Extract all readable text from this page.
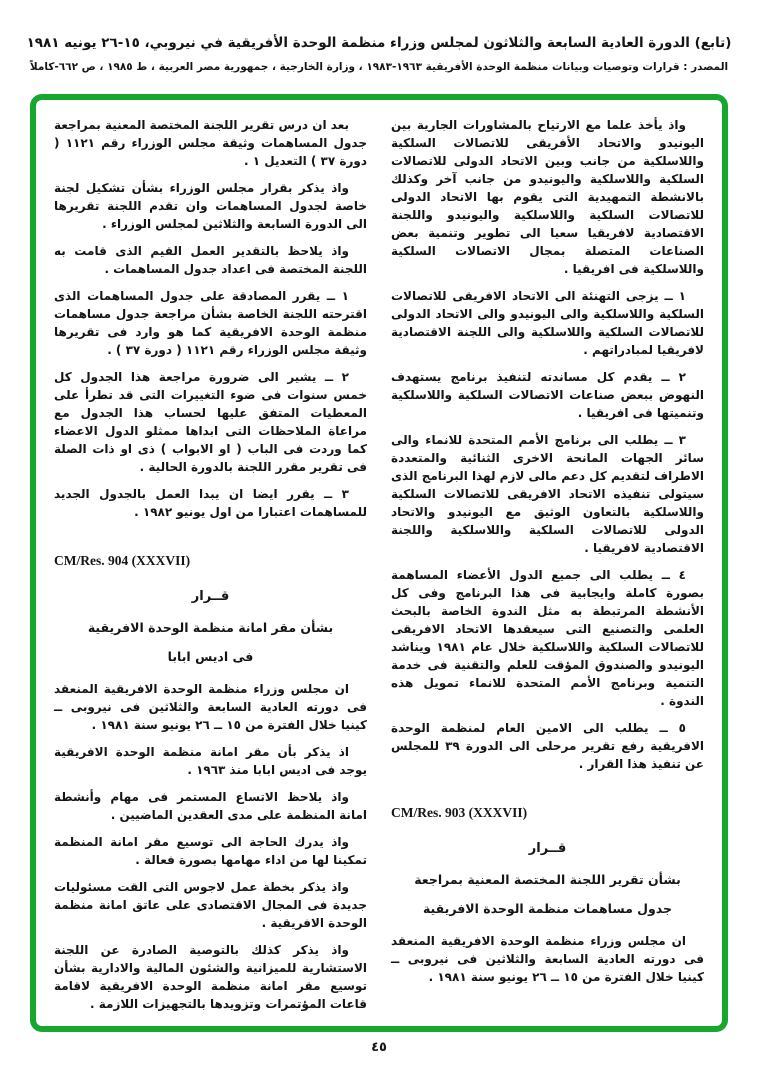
(تابع) الدورة العادية السابعة والثلاثون لمجلس وزراء منظمة الوحدة الأفريقية في نيروبي، ١٥-٢٦ يونيه ١٩٨١
المصدر : قرارات وتوصيات وبيانات منظمة الوحدة الأفريقية ١٩٦٣-١٩٨٣ ، وزارة الخارجية ، جمهورية مصر العربية ، ط ١٩٨٥ ، ص ٦٦٢-كاملاً
واذ يأخذ علما مع الارتياح بالمشاورات الجارية بين اليونيدو والاتحاد الأفريقى للاتصالات السلكية واللاسلكية من جانب وبين الاتحاد الدولى للاتصالات السلكية واللاسلكية واليونيدو من جانب آخر وكذلك بالانشطة التمهيدية التى يقوم بها الاتحاد الدولى للاتصالات السلكية واللاسلكية واليونيدو واللجنة الاقتصادية لافريقيا سعيا الى تطوير وتنمية بعض الصناعات المتصلة بمجال الاتصالات السلكية واللاسلكية فى افريقيا .
١ ــ يزجى التهنئة الى الاتحاد الافريقى للاتصالات السلكية واللاسلكية والى اليونيدو والى الاتحاد الدولى للاتصالات السلكية واللاسلكية والى اللجنة الاقتصادية لافريقيا لمبادراتهم .
٢ ــ يقدم كل مساندته لتنفيذ برنامج يستهدف النهوض ببعض صناعات الاتصالات السلكية واللاسلكية وتنميتها فى افريقيا .
٣ ــ يطلب الى برنامج الأمم المتحدة للانماء والى سائر الجهات المانحة الاخرى الثنائية والمتعددة الاطراف لتقديم كل دعم مالى لازم لهذا البرنامج الذى سيتولى تنفيذه الاتحاد الافريقى للاتصالات السلكية واللاسلكية بالتعاون الوثيق مع اليونيدو والاتحاد الدولى للاتصالات السلكية واللاسلكية واللجنة الاقتصادية لافريقيا .
٤ ــ يطلب الى جميع الدول الأعضاء المساهمة بصورة كاملة وايجابية فى هذا البرنامج وفى كل الأنشطة المرتبطة به مثل الندوة الخاصة بالبحث العلمى والتصنيع التى سيعقدها الاتحاد الافريقى للاتصالات السلكية واللاسلكية خلال عام ١٩٨١ ويناشد اليونيدو والصندوق المؤقت للعلم والتقنية فى خدمة التنمية وبرنامج الأمم المتحدة للانماء تمويل هذه الندوة .
٥ ــ يطلب الى الامين العام لمنظمة الوحدة الافريقية رفع تقرير مرحلى الى الدورة ٣٩ للمجلس عن تنفيذ هذا القرار .
CM/Res. 903 (XXXVII)
قــرار
بشأن تقرير اللجنة المختصة المعنية بمراجعة
جدول مساهمات منظمة الوحدة الافريقية
ان مجلس وزراء منظمة الوحدة الافريقية المنعقد فى دورته العادية السابعة والثلاثين فى نيروبى ــ كينيا خلال الفترة من ١٥ ــ ٢٦ يونيو سنة ١٩٨١ .
بعد ان درس تقرير اللجنة المختصة المعنية بمراجعة جدول المساهمات وثيقة مجلس الوزراء رقم ١١٢١ ( دورة ٣٧ ) التعديل ١ .
واذ يذكر بقرار مجلس الوزراء بشأن تشكيل لجنة خاصة لجدول المساهمات وان تقدم اللجنة تقريرها الى الدورة السابعة والثلاثين لمجلس الوزراء .
واذ يلاحظ بالتقدير العمل القيم الذى قامت به اللجنة المختصة فى اعداد جدول المساهمات .
١ ــ يقرر المصادقة على جدول المساهمات الذى اقترحته اللجنة الخاصة بشأن مراجعة جدول مساهمات منظمة الوحدة الافريقية كما هو وارد فى تقريرها وثيقة مجلس الوزراء رقم ١١٢١ ( دورة ٣٧ ) .
٢ ــ يشير الى ضرورة مراجعة هذا الجدول كل خمس سنوات فى ضوء التغييرات التى قد تطرأ على المعطيات المتفق عليها لحساب هذا الجدول مع مراعاة الملاحظات التى ابداها ممثلو الدول الاعضاء كما وردت فى الباب ( او الابواب ) ذى او ذات الصلة فى تقرير مقرر اللجنة بالدورة الحالية .
٣ ــ يقرر ايضا ان يبدا العمل بالجدول الجديد للمساهمات اعتبارا من اول يونيو ١٩٨٢ .
CM/Res. 904 (XXXVII)
قــرار
بشأن مقر امانة منظمة الوحدة الافريقية
فى اديس ابابا
ان مجلس وزراء منظمة الوحدة الافريقية المنعقد فى دورته العادية السابعة والثلاثين فى نيروبى ــ كينيا خلال الفترة من ١٥ ــ ٢٦ يونيو سنة ١٩٨١ .
اذ يذكر بأن مقر امانة منظمة الوحدة الافريقية يوجد فى اديس ابابا منذ ١٩٦٣ .
واذ يلاحظ الاتساع المستمر فى مهام وأنشطة امانة المنظمة على مدى العقدين الماضيين .
واذ يدرك الحاجة الى توسيع مقر امانة المنظمة تمكينا لها من اداء مهامها بصورة فعالة .
واذ يذكر بخطة عمل لاجوس التى القت مسئوليات جديدة فى المجال الاقتصادى على عاتق امانة منظمة الوحدة الافريقية .
واذ يذكر كذلك بالتوصية الصادرة عن اللجنة الاستشارية للميزانية والشئون المالية والادارية بشأن توسيع مقر امانة منظمة الوحدة الافريقية لاقامة قاعات المؤتمرات وتزويدها بالتجهيزات اللازمة .
٤٥
